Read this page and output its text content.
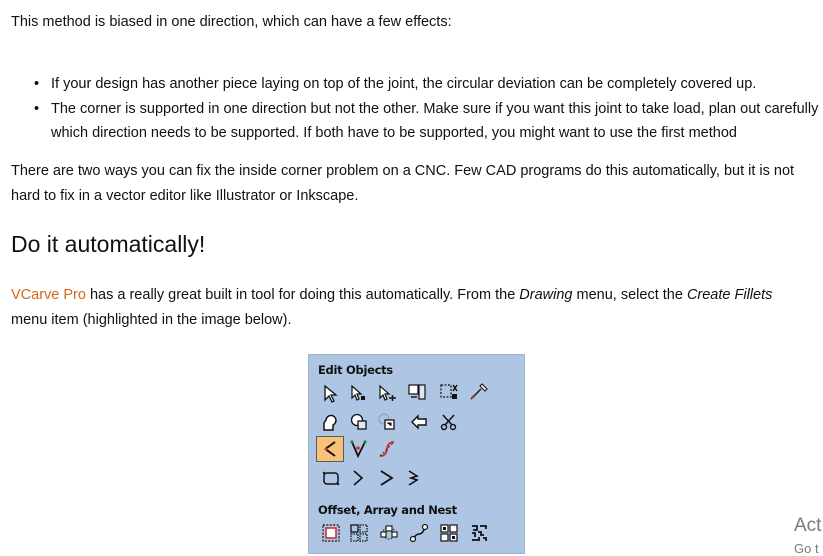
This method is biased in one direction, which can have a few effects:

• If your design has another piece laying on top of the joint, the circular deviation can be completely covered up.
• The corner is supported in one direction but not the other. Make sure if you want this joint to take load, plan out carefully which direction needs to be supported. If both have to be supported, you might want to use the first method

There are two ways you can fix the inside corner problem on a CNC. Few CAD programs do this automatically, but it is not hard to fix in a vector editor like Illustrator or Inkscape.

Do it automatically!

VCarve Pro has a really great built in tool for doing this automatically. From the Drawing menu, select the Create Fillets menu item (highlighted in the image below).

Edit Objects
Offset, Array and Nest
Act
Go t
